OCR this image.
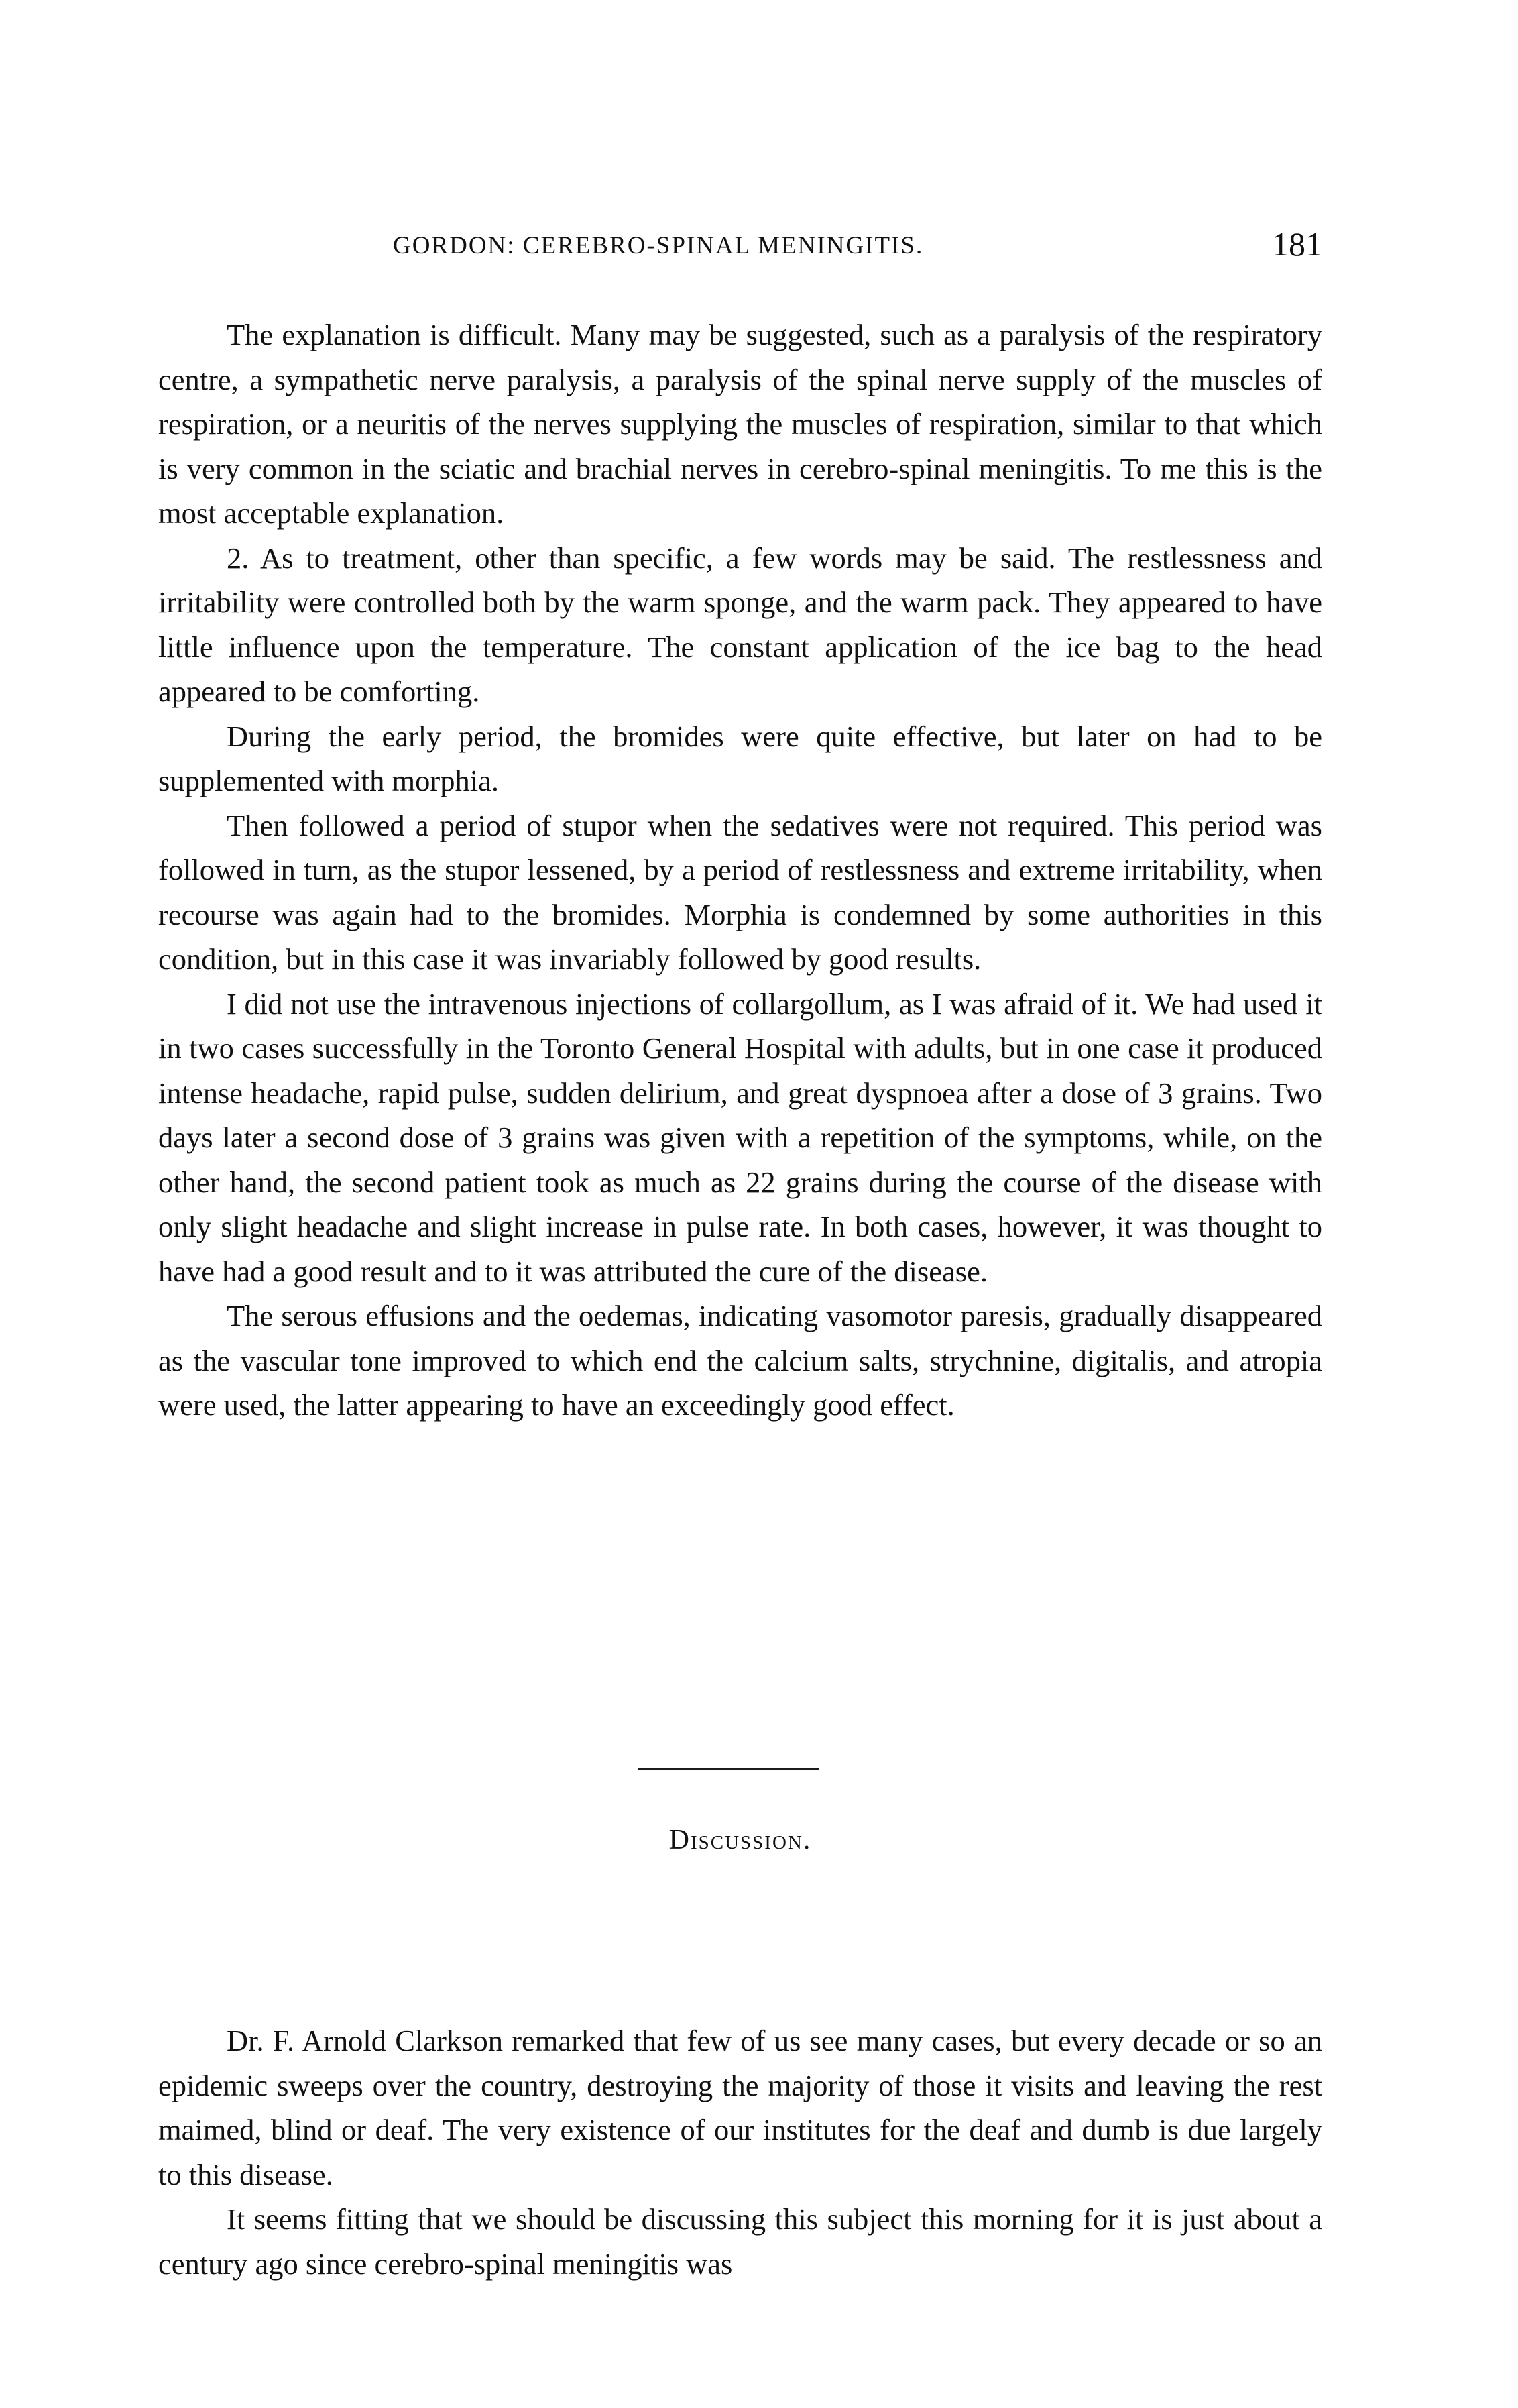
GORDON: CEREBRO-SPINAL MENINGITIS.	181

The explanation is difficult. Many may be suggested, such as a paralysis of the respiratory centre, a sympathetic nerve paralysis, a paralysis of the spinal nerve supply of the muscles of respiration, or a neuritis of the nerves supplying the muscles of respiration, similar to that which is very common in the sciatic and brachial nerves in cerebro-spinal meningitis. To me this is the most acceptable explanation.

2. As to treatment, other than specific, a few words may be said. The restlessness and irritability were controlled both by the warm sponge, and the warm pack. They appeared to have little influence upon the temperature. The constant application of the ice bag to the head appeared to be comforting.

During the early period, the bromides were quite effective, but later on had to be supplemented with morphia.

Then followed a period of stupor when the sedatives were not required. This period was followed in turn, as the stupor lessened, by a period of restlessness and extreme irritability, when recourse was again had to the bromides. Morphia is condemned by some authorities in this condition, but in this case it was invariably followed by good results.

I did not use the intravenous injections of collargollum, as I was afraid of it. We had used it in two cases successfully in the Toronto General Hospital with adults, but in one case it produced intense headache, rapid pulse, sudden delirium, and great dyspnoea after a dose of 3 grains. Two days later a second dose of 3 grains was given with a repetition of the symptoms, while, on the other hand, the second patient took as much as 22 grains during the course of the disease with only slight headache and slight increase in pulse rate. In both cases, however, it was thought to have had a good result and to it was attributed the cure of the disease.

The serous effusions and the oedemas, indicating vasomotor paresis, gradually disappeared as the vascular tone improved to which end the calcium salts, strychnine, digitalis, and atropia were used, the latter appearing to have an exceedingly good effect.

Discussion.

Dr. F. Arnold Clarkson remarked that few of us see many cases, but every decade or so an epidemic sweeps over the country, destroying the majority of those it visits and leaving the rest maimed, blind or deaf. The very existence of our institutes for the deaf and dumb is due largely to this disease.

It seems fitting that we should be discussing this subject this morning for it is just about a century ago since cerebro-spinal meningitis was
